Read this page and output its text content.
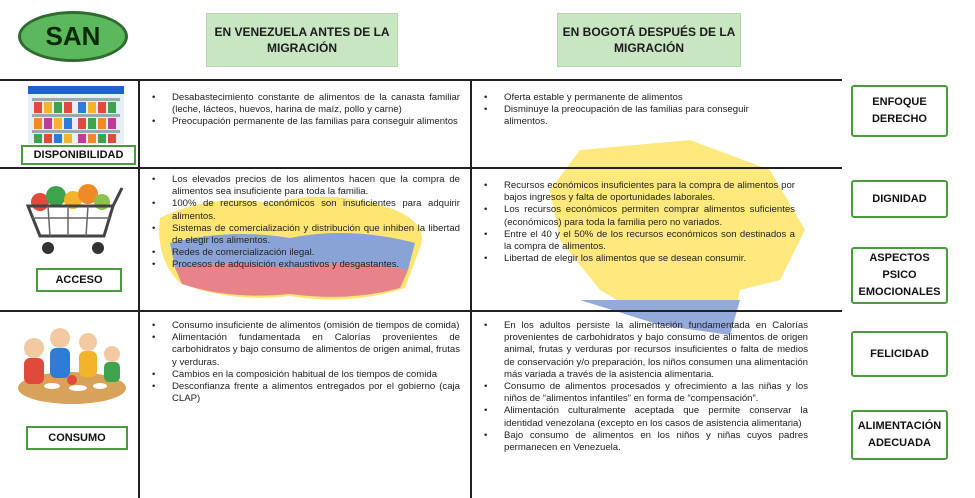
SAN	EN VENEZUELA ANTES DE LA MIGRACIÓN
EN BOGOTÁ DESPUÉS DE LA MIGRACIÓN
DISPONIBILIDAD
• Desabastecimiento constante de alimentos de la canasta familiar (leche, lácteos, huevos, harina de maíz, pollo y carne)
• Preocupación permanente de las familias para conseguir alimentos
• Oferta estable y permanente de alimentos
• Disminuye la preocupación de las familias para conseguir alimentos.
ACCESO
• Los elevados precios de los alimentos hacen que la compra de alimentos sea insuficiente para toda la familia.
• 100% de recursos económicos son insuficientes para adquirir alimentos.
• Sistemas de comercialización y distribución que inhiben la libertad de elegir los alimentos.
• Redes de comercialización ilegal.
• Procesos de adquisición exhaustivos y desgastantes.
• Recursos económicos insuficientes para la compra de alimentos por bajos ingresos y falta de oportunidades laborales.
• Los recursos económicos permiten comprar alimentos suficientes (económicos) para toda la familia pero no variados.
• Entre el 40 y el 50% de los recursos económicos son destinados a la compra de alimentos.
• Libertad de elegir los alimentos que se desean consumir.
CONSUMO
• Consumo insuficiente de alimentos (omisión de tiempos de comida)
• Alimentación fundamentada en Calorías provenientes de carbohidratos y bajo consumo de alimentos de origen animal, frutas y verduras.
• Cambios en la composición habitual de los tiempos de comida
• Desconfianza frente a alimentos entregados por el gobierno (caja CLAP)
• En los adultos persiste la alimentación fundamentada en Calorías provenientes de carbohidratos y bajo consumo de alimentos de origen animal, frutas y verduras por recursos insuficientes o falta de medios de conservación y/o preparación, los niños consumen una alimentación más variada a través de la asistencia alimentaria.
• Consumo de alimentos procesados y ofrecimiento a las niñas y los niños de “alimentos infantiles” en forma de “compensación”.
• Alimentación culturalmente aceptada que permite conservar la identidad venezolana (excepto en los casos de asistencia alimentaria)
• Bajo consumo de alimentos en los niños y niñas cuyos padres permanecen en Venezuela.
ENFOQUE DERECHO
DIGNIDAD
ASPECTOS PSICO EMOCIONALES
FELICIDAD
ALIMENTACIÓN ADECUADA
